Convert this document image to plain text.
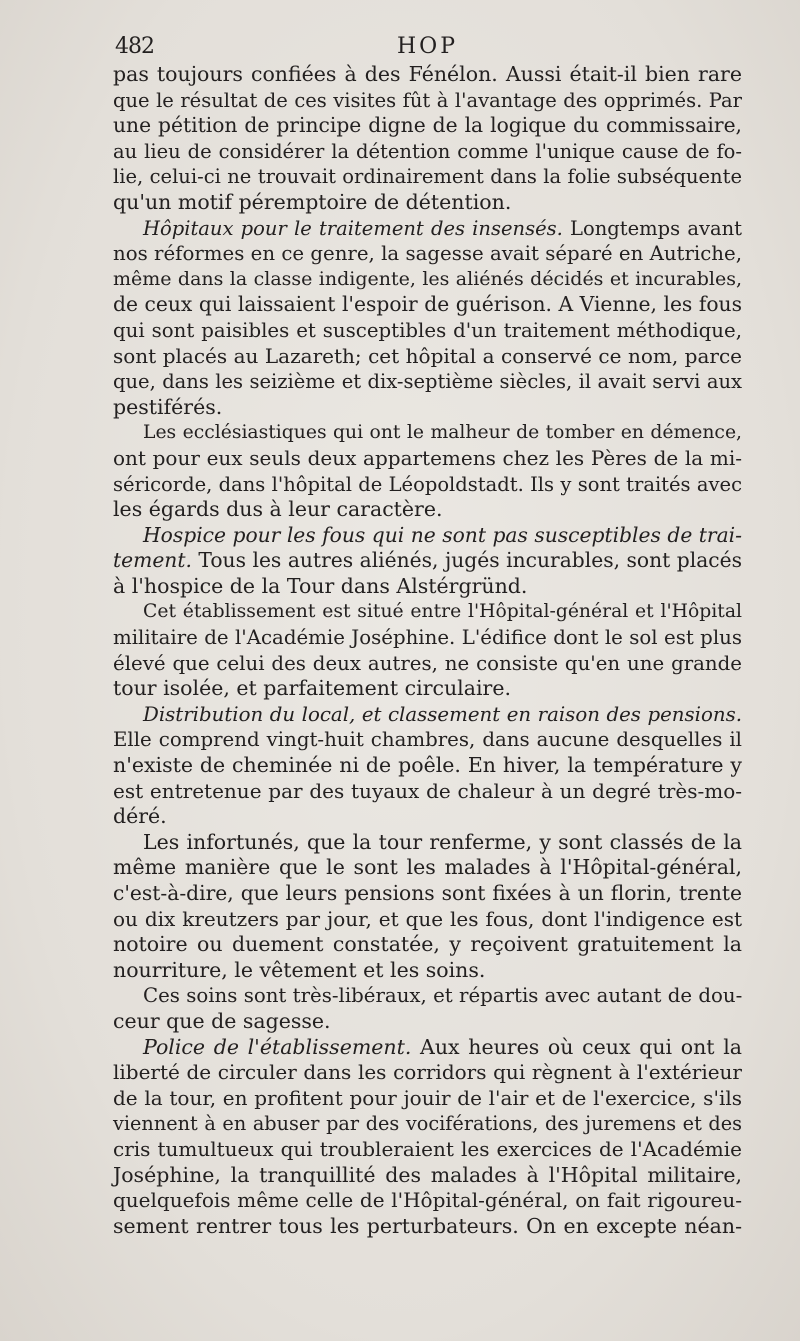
482	HOP
pas toujours confiées à des Fénélon. Aussi était-il bien rare
que le résultat de ces visites fût à l'avantage des opprimés. Par
une pétition de principe digne de la logique du commissaire,
au lieu de considérer la détention comme l'unique cause de fo-
lie, celui-ci ne trouvait ordinairement dans la folie subséquente
qu'un motif péremptoire de détention.
Hôpitaux pour le traitement des insensés. Longtemps avant
nos réformes en ce genre, la sagesse avait séparé en Autriche,
même dans la classe indigente, les aliénés décidés et incurables,
de ceux qui laissaient l'espoir de guérison. A Vienne, les fous
qui sont paisibles et susceptibles d'un traitement méthodique,
sont placés au Lazareth; cet hôpital a conservé ce nom, parce
que, dans les seizième et dix-septième siècles, il avait servi aux
pestiférés.
Les ecclésiastiques qui ont le malheur de tomber en démence,
ont pour eux seuls deux appartemens chez les Pères de la mi-
séricorde, dans l'hôpital de Léopoldstadt. Ils y sont traités avec
les égards dus à leur caractère.
Hospice pour les fous qui ne sont pas susceptibles de trai-
tement. Tous les autres aliénés, jugés incurables, sont placés
à l'hospice de la Tour dans Alstérgründ.
Cet établissement est situé entre l'Hôpital-général et l'Hôpital
militaire de l'Académie Joséphine. L'édifice dont le sol est plus
élevé que celui des deux autres, ne consiste qu'en une grande
tour isolée, et parfaitement circulaire.
Distribution du local, et classement en raison des pensions.
Elle comprend vingt-huit chambres, dans aucune desquelles il
n'existe de cheminée ni de poêle. En hiver, la température y
est entretenue par des tuyaux de chaleur à un degré très-mo-
déré.
Les infortunés, que la tour renferme, y sont classés de la
même manière que le sont les malades à l'Hôpital-général,
c'est-à-dire, que leurs pensions sont fixées à un florin, trente
ou dix kreutzers par jour, et que les fous, dont l'indigence est
notoire ou duement constatée, y reçoivent gratuitement la
nourriture, le vêtement et les soins.
Ces soins sont très-libéraux, et répartis avec autant de dou-
ceur que de sagesse.
Police de l'établissement. Aux heures où ceux qui ont la
liberté de circuler dans les corridors qui règnent à l'extérieur
de la tour, en profitent pour jouir de l'air et de l'exercice, s'ils
viennent à en abuser par des vociférations, des juremens et des
cris tumultueux qui troubleraient les exercices de l'Académie
Joséphine, la tranquillité des malades à l'Hôpital militaire,
quelquefois même celle de l'Hôpital-général, on fait rigoureu-
sement rentrer tous les perturbateurs. On en excepte néan-
